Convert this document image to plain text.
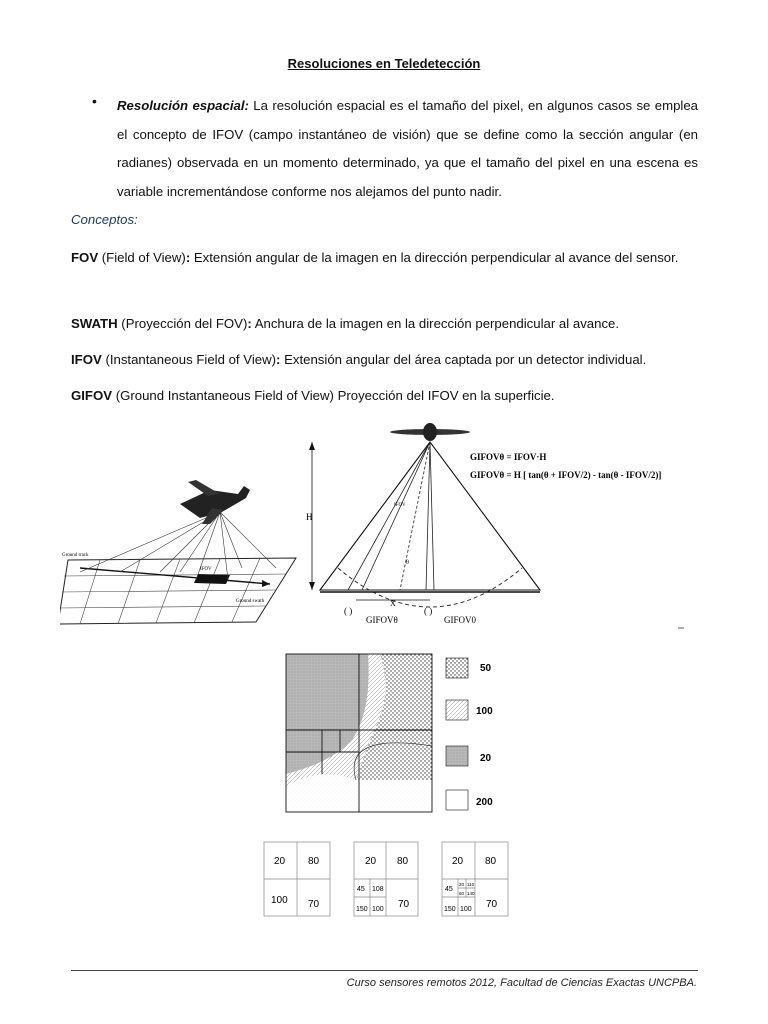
Resoluciones en Teledetección
• Resolución espacial: La resolución espacial es el tamaño del pixel, en algunos casos se emplea el concepto de IFOV (campo instantáneo de visión) que se define como la sección angular (en radianes) observada en un momento determinado, ya que el tamaño del pixel en una escena es variable incrementándose conforme nos alejamos del punto nadir.
Conceptos:
FOV (Field of View): Extensión angular de la imagen en la dirección perpendicular al avance del sensor.
SWATH (Proyección del FOV): Anchura de la imagen en la dirección perpendicular al avance.
IFOV (Instantaneous Field of View): Extensión angular del área captada por un detector individual.
GIFOV (Ground Instantaneous Field of View) Proyección del IFOV en la superficie.
Ground track
IFOV
Ground swath
H
X
IFOV
θ
( )	( )
GIFOVθ	GIFOV0
GIFOVθ = IFOV·H
GIFOVθ = H [ tan(θ + IFOV/2) - tan(θ - IFOV/2)]
50
100
20
200
20 80
100 70
20 80
45 108
150 100 70
20 80
45
20 110
60 140
150 100 70
Curso sensores remotos 2012, Facultad de Ciencias Exactas UNCPBA.
